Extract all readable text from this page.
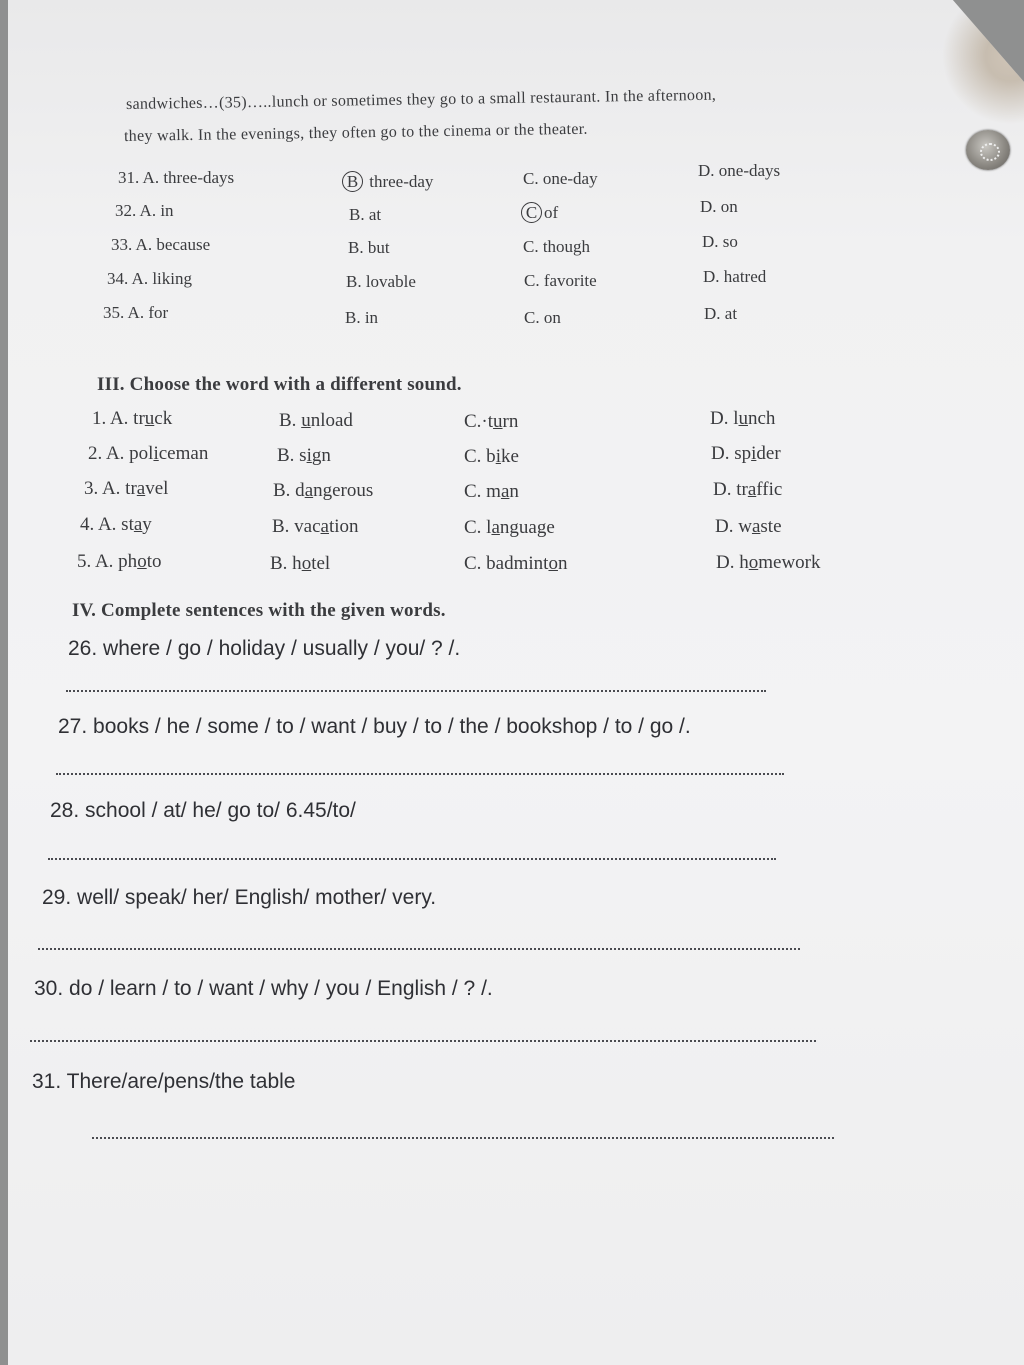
sandwiches…(35)…..lunch or sometimes they go to a small restaurant. In the afternoon,
they walk. In the evenings, they often go to the cinema or the theater.
31. A. three-days	B three-day	C. one-day	D. one-days
32. A. in	B. at	C of	D. on
33. A. because	B. but	C. though	D. so
34. A. liking	B. lovable	C. favorite	D. hatred
35. A. for	B. in	C. on	D. at
III. Choose the word with a different sound.
1. A. truck	B. unload	C.·turn	D. lunch
2. A. policeman	B. sign	C. bike	D. spider
3. A. travel	B. dangerous	C. man	D. traffic
4. A. stay	B. vacation	C. language	D. waste
5. A. photo	B. hotel	C. badminton	D. homework
IV. Complete sentences with the given words.
26. where / go / holiday / usually / you/ ? /.
27. books / he / some / to / want / buy / to / the / bookshop / to / go /.
28. school / at/ he/ go to/ 6.45/to/
29. well/ speak/ her/ English/ mother/ very.
30. do / learn / to / want / why / you / English / ? /.
31. There/are/pens/the table
